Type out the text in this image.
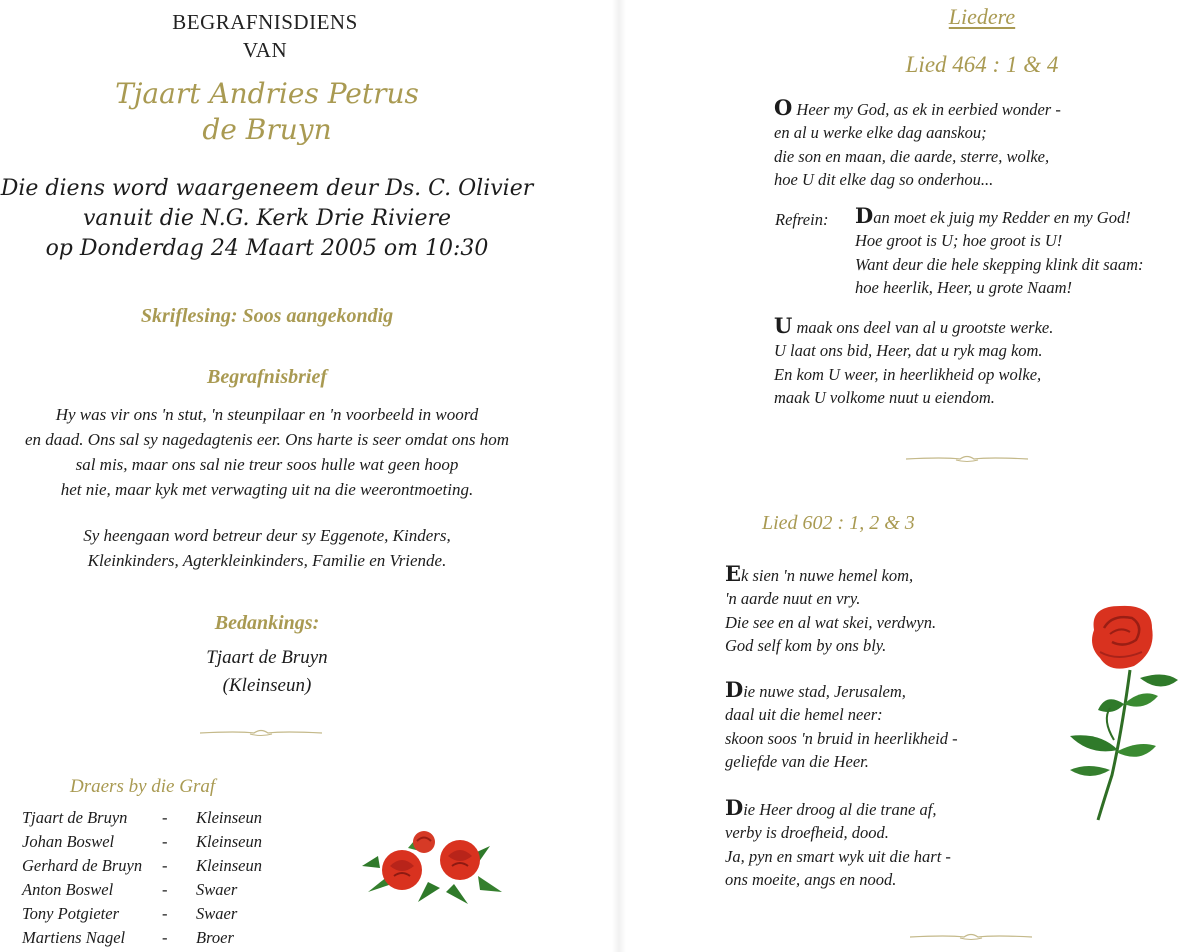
BEGRAFNISDIENS
VAN
Tjaart Andries Petrus
de Bruyn
Die diens word waargeneem deur Ds. C. Olivier
vanuit die N.G. Kerk Drie Riviere
op Donderdag 24 Maart 2005 om 10:30
Skriflesing: Soos aangekondig
Begrafnisbrief
Hy was vir ons 'n stut, 'n steunpilaar en 'n voorbeeld in woord
en daad. Ons sal sy nagedagtenis eer. Ons harte is seer omdat ons hom
sal mis, maar ons sal nie treur soos hulle wat geen hoop
het nie, maar kyk met verwagting uit na die weerontmoeting.
Sy heengaan word betreur deur sy Eggenote, Kinders,
Kleinkinders, Agterkleinkinders, Familie en Vriende.
Bedankings:
Tjaart de Bruyn
(Kleinseun)
Draers by die Graf
Tjaart de Bruyn	-	Kleinseun
Johan Boswel	-	Kleinseun
Gerhard de Bruyn	-	Kleinseun
Anton Boswel	-	Swaer
Tony Potgieter	-	Swaer
Martiens Nagel	-	Broer
Liedere
Lied 464 : 1 & 4
O Heer my God, as ek in eerbied wonder -
en al u werke elke dag aanskou;
die son en maan, die aarde, sterre, wolke,
hoe U dit elke dag so onderhou...
Refrein: Dan moet ek juig my Redder en my God!
Hoe groot is U; hoe groot is U!
Want deur die hele skepping klink dit saam:
hoe heerlik, Heer, u grote Naam!
U maak ons deel van al u grootste werke.
U laat ons bid, Heer, dat u ryk mag kom.
En kom U weer, in heerlikheid op wolke,
maak U volkome nuut u eiendom.
Lied 602 : 1, 2 & 3
Ek sien 'n nuwe hemel kom,
'n aarde nuut en vry.
Die see en al wat skei, verdwyn.
God self kom by ons bly.
Die nuwe stad, Jerusalem,
daal uit die hemel neer:
skoon soos 'n bruid in heerlikheid -
geliefde van die Heer.
Die Heer droog al die trane af,
verby is droefheid, dood.
Ja, pyn en smart wyk uit die hart -
ons moeite, angs en nood.
